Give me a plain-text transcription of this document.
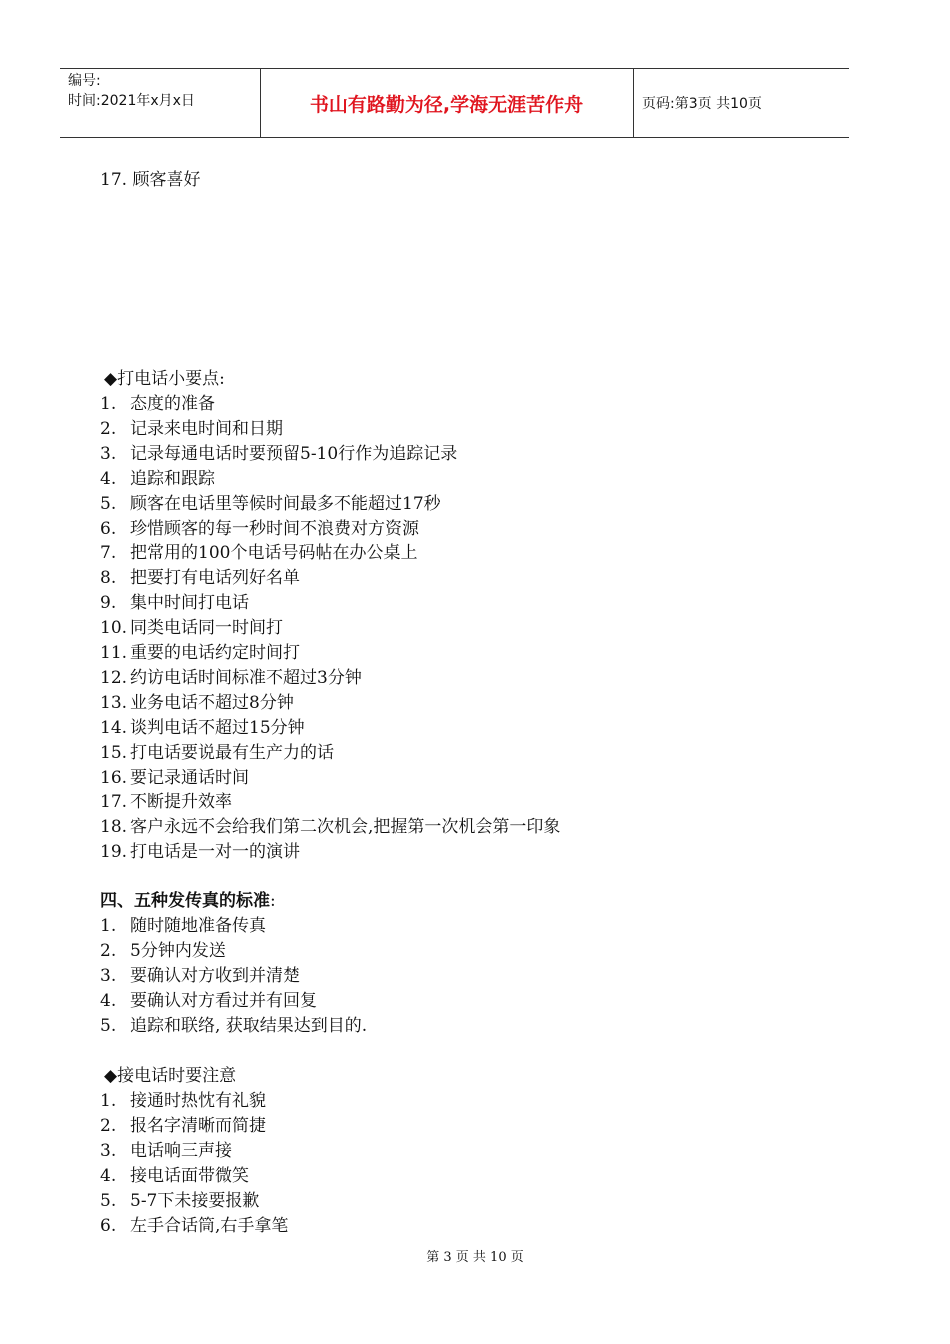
编号:
时间:2021年x月x日	书山有路勤为径,学海无涯苦作舟	页码:第3页 共10页
17. 顾客喜好
◆打电话小要点:
1. 态度的准备
2. 记录来电时间和日期
3. 记录每通电话时要预留5-10行作为追踪记录
4. 追踪和跟踪
5. 顾客在电话里等候时间最多不能超过17秒
6. 珍惜顾客的每一秒时间不浪费对方资源
7. 把常用的100个电话号码帖在办公桌上
8. 把要打有电话列好名单
9. 集中时间打电话
10. 同类电话同一时间打
11. 重要的电话约定时间打
12. 约访电话时间标准不超过3分钟
13. 业务电话不超过8分钟
14. 谈判电话不超过15分钟
15. 打电话要说最有生产力的话
16. 要记录通话时间
17. 不断提升效率
18. 客户永远不会给我们第二次机会,把握第一次机会第一印象
19. 打电话是一对一的演讲
四、五种发传真的标准:
1. 随时随地准备传真
2. 5分钟内发送
3. 要确认对方收到并清楚
4. 要确认对方看过并有回复
5. 追踪和联络, 获取结果达到目的.
◆接电话时要注意
1. 接通时热忱有礼貌
2. 报名字清晰而简捷
3. 电话响三声接
4. 接电话面带微笑
5. 5-7下未接要报歉
6. 左手合话筒,右手拿笔
第 3 页 共 10 页
